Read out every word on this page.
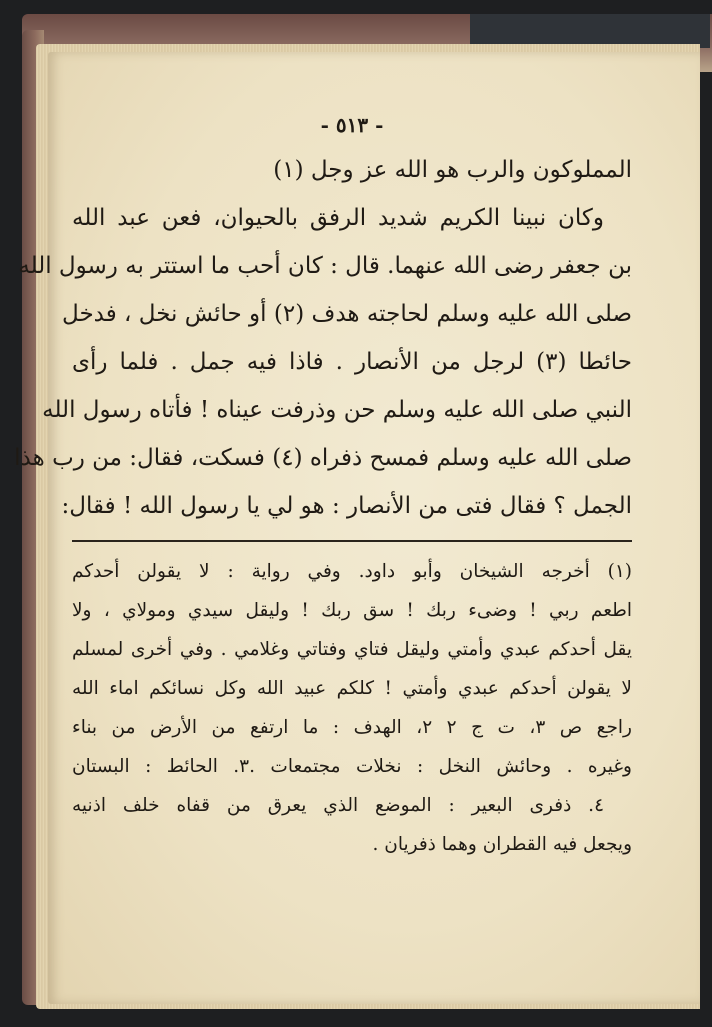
- ٥١٣ -
المملوكون والرب هو الله عز وجل (١)
وكان نبينا الكريم شديد الرفق بالحيوان، فعن عبد الله
بن جعفر رضى الله عنهما. قال : كان أحب ما استتر به رسول الله
صلى الله عليه وسلم لحاجته هدف (٢) أو حائش نخل ، فدخل
حائطا (٣) لرجل من الأنصار . فاذا فيه جمل . فلما رأى
النبي صلى الله عليه وسلم حن وذرفت عيناه ! فأتاه رسول الله
صلى الله عليه وسلم فمسح ذفراه (٤) فسكت، فقال: من رب هذا
الجمل ؟ فقال فتى من الأنصار : هو لي يا رسول الله ! فقال:
(١) أخرجه الشيخان وأبو داود. وفي رواية : لا يقولن أحدكم
اطعم ربي ! وضىء ربك ! سق ربك ! وليقل سيدي ومولاي ، ولا
يقل أحدكم عبدي وأمتي وليقل فتاي وفتاتي وغلامي . وفي أخرى لمسلم
لا يقولن أحدكم عبدي وأمتي ! كلكم عبيد الله وكل نسائكم اماء الله
راجع ص ٣، ت ج ٢ ٢، الهدف : ما ارتفع من الأرض من بناء
وغيره . وحائش النخل : نخلات مجتمعات .٣. الحائط : البستان
٤. ذفرى البعير : الموضع الذي يعرق من قفاه خلف اذنيه
ويجعل فيه القطران وهما ذفريان .
